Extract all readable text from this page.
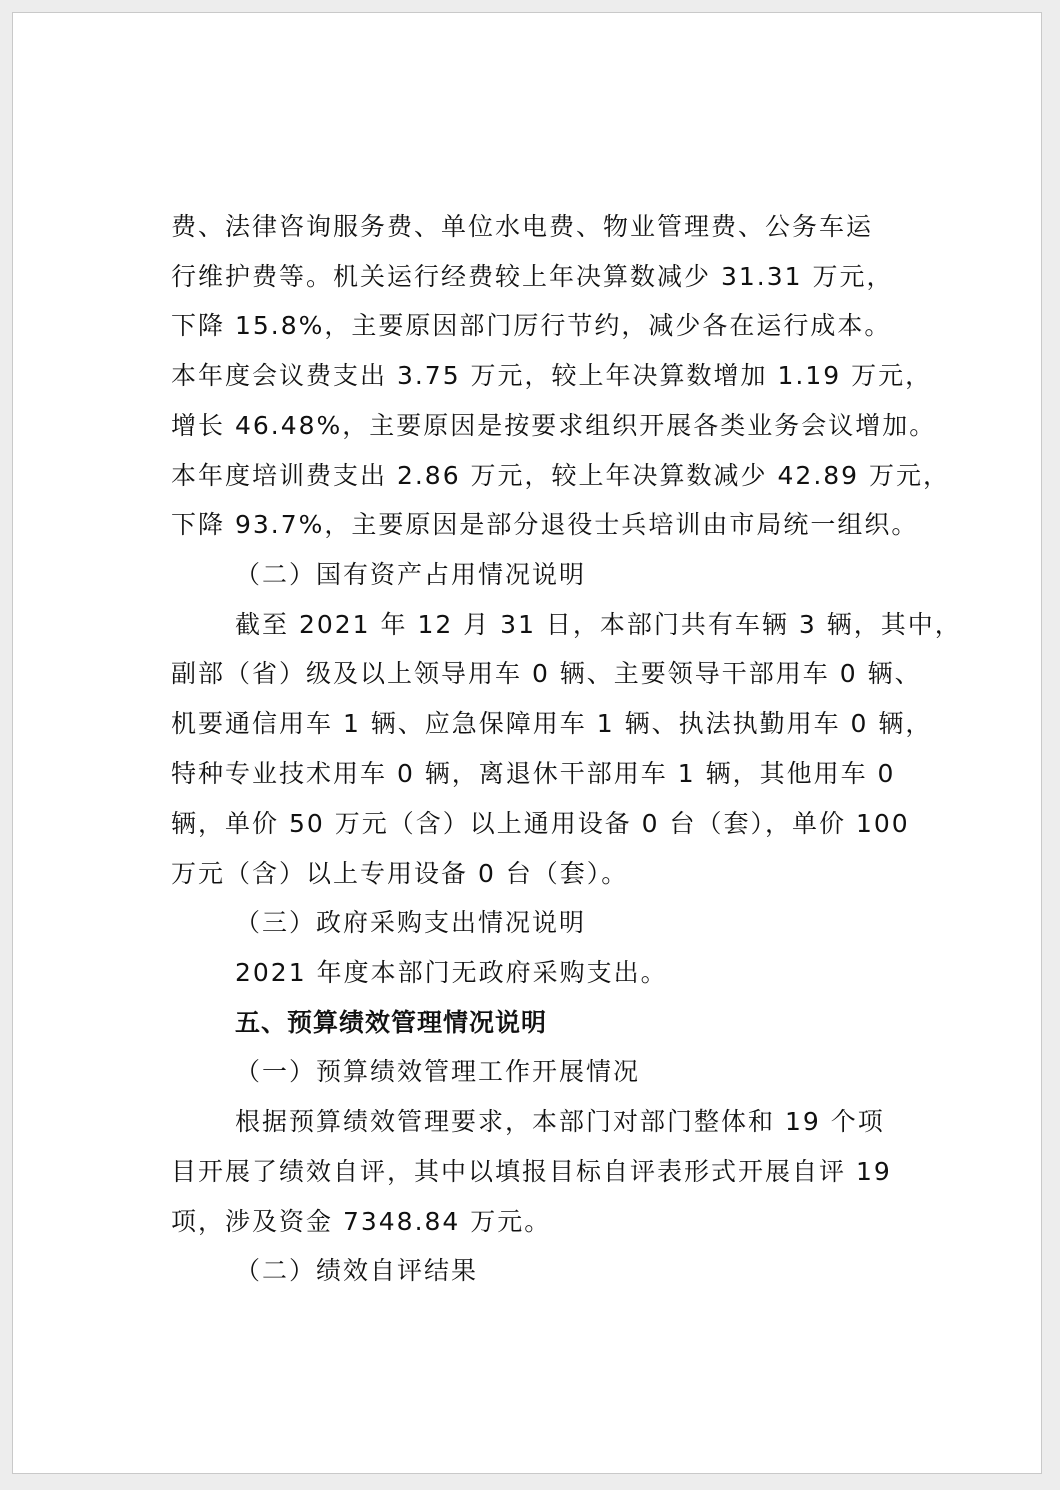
费、法律咨询服务费、单位水电费、物业管理费、公务车运
行维护费等。机关运行经费较上年决算数减少 31.31 万元，
下降 15.8%，主要原因部门厉行节约，减少各在运行成本。
本年度会议费支出 3.75 万元，较上年决算数增加 1.19 万元，
增长 46.48%，主要原因是按要求组织开展各类业务会议增加。
本年度培训费支出 2.86 万元，较上年决算数减少 42.89 万元，
下降 93.7%，主要原因是部分退役士兵培训由市局统一组织。
（二）国有资产占用情况说明
截至 2021 年 12 月 31 日，本部门共有车辆 3 辆，其中，
副部（省）级及以上领导用车 0 辆、主要领导干部用车 0 辆、
机要通信用车 1 辆、应急保障用车 1 辆、执法执勤用车 0 辆，
特种专业技术用车 0 辆，离退休干部用车 1 辆，其他用车 0
辆，单价 50 万元（含）以上通用设备 0 台（套），单价 100
万元（含）以上专用设备 0 台（套）。
（三）政府采购支出情况说明
2021 年度本部门无政府采购支出。
五、预算绩效管理情况说明
（一）预算绩效管理工作开展情况
根据预算绩效管理要求，本部门对部门整体和 19 个项
目开展了绩效自评，其中以填报目标自评表形式开展自评 19
项，涉及资金 7348.84 万元。
（二）绩效自评结果
